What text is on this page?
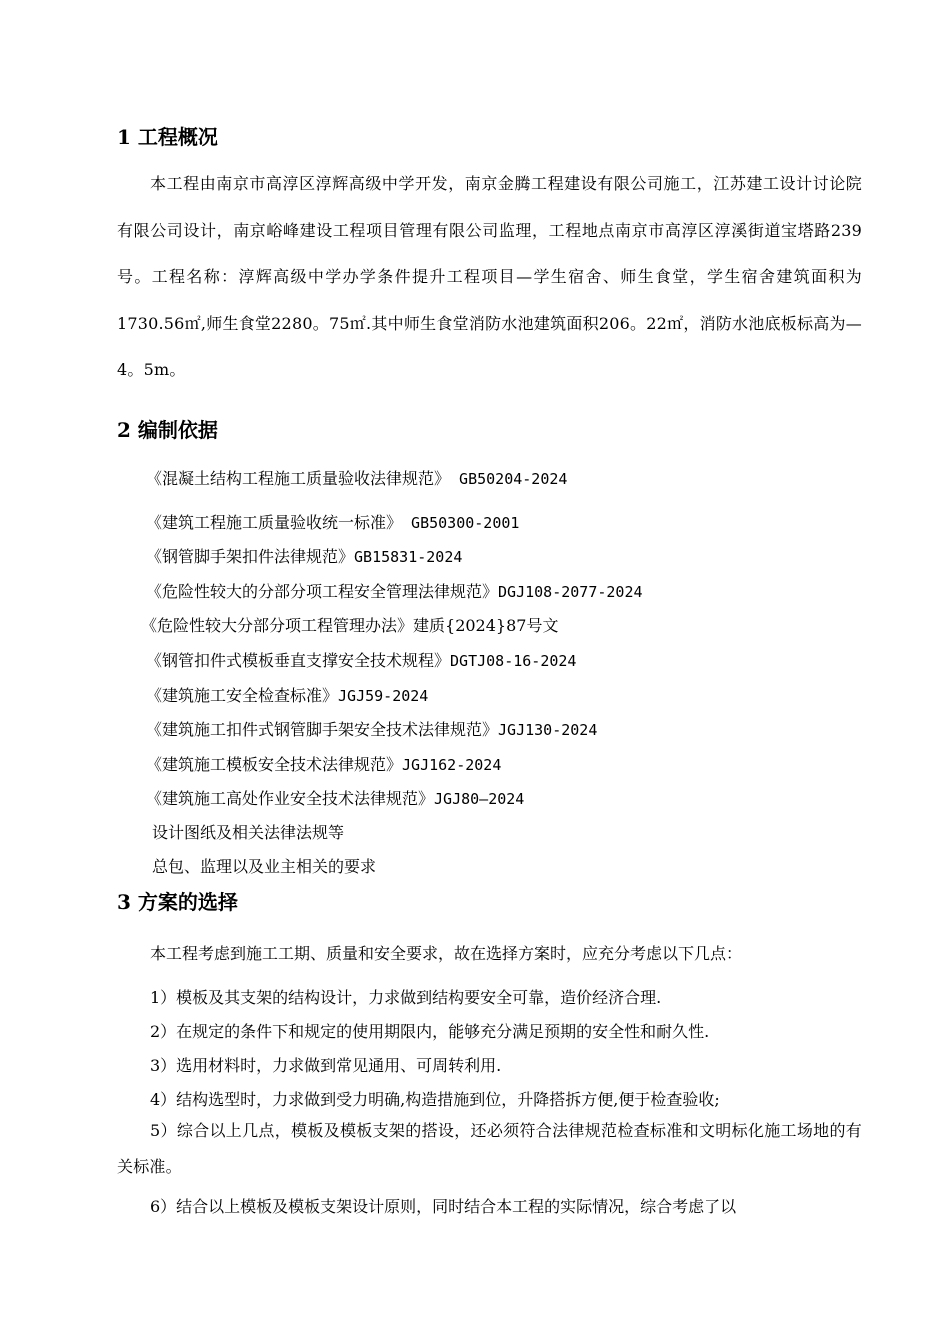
1 工程概况
本工程由南京市高淳区淳辉高级中学开发，南京金腾工程建设有限公司施工，江苏建工设计讨论院有限公司设计，南京峪峰建设工程项目管理有限公司监理，工程地点南京市高淳区淳溪街道宝塔路239号。工程名称：淳辉高级中学办学条件提升工程项目—学生宿舍、师生食堂，学生宿舍建筑面积为1730.56㎡,师生食堂2280。75㎡.其中师生食堂消防水池建筑面积206。22㎡，消防水池底板标高为—4。5m。
2 编制依据
《混凝土结构工程施工质量验收法律规范》 GB50204-2024
《建筑工程施工质量验收统一标准》 GB50300-2001
《钢管脚手架扣件法律规范》GB15831-2024
《危险性较大的分部分项工程安全管理法律规范》DGJ108-2077-2024
《危险性较大分部分项工程管理办法》建质{2024}87号文
《钢管扣件式模板垂直支撑安全技术规程》DGTJ08-16-2024
《建筑施工安全检查标准》JGJ59-2024
《建筑施工扣件式钢管脚手架安全技术法律规范》JGJ130-2024
《建筑施工模板安全技术法律规范》JGJ162-2024
《建筑施工高处作业安全技术法律规范》JGJ80—2024
设计图纸及相关法律法规等
总包、监理以及业主相关的要求
3 方案的选择
本工程考虑到施工工期、质量和安全要求，故在选择方案时，应充分考虑以下几点：
1）模板及其支架的结构设计，力求做到结构要安全可靠，造价经济合理.
2）在规定的条件下和规定的使用期限内，能够充分满足预期的安全性和耐久性.
3）选用材料时，力求做到常见通用、可周转利用.
4）结构选型时，力求做到受力明确,构造措施到位，升降搭拆方便,便于检查验收;
5）综合以上几点，模板及模板支架的搭设，还必须符合法律规范检查标准和文明标化施工场地的有关标准。
6）结合以上模板及模板支架设计原则，同时结合本工程的实际情况，综合考虑了以
